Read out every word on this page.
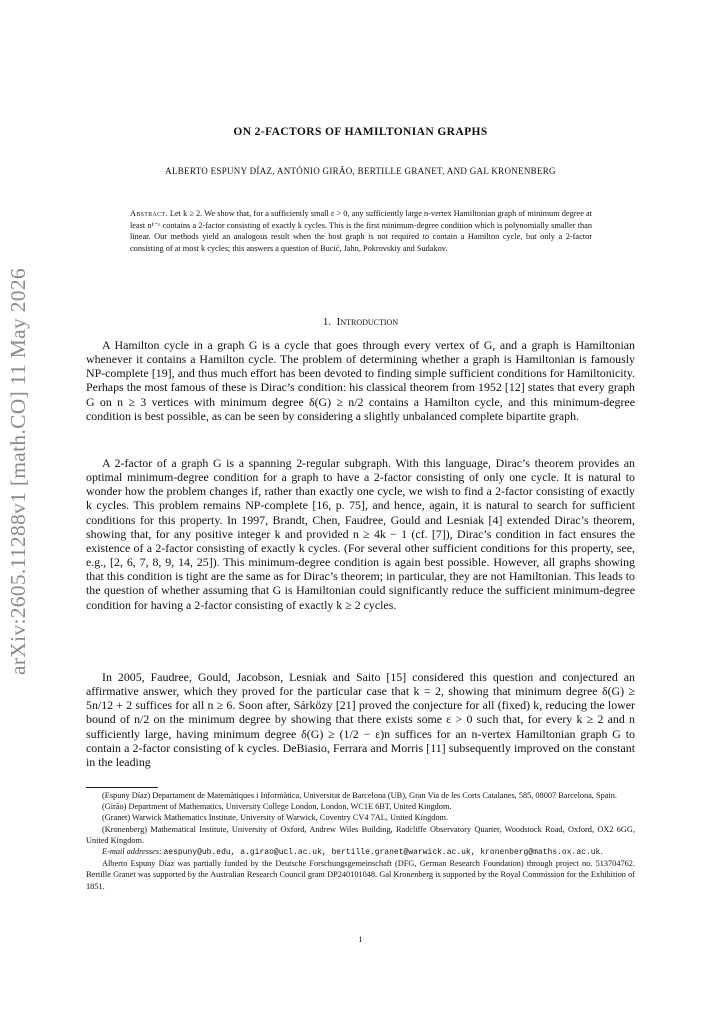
arXiv:2605.11288v1 [math.CO] 11 May 2026
ON 2-FACTORS OF HAMILTONIAN GRAPHS
ALBERTO ESPUNY DÍAZ, ANTÓNIO GIRÃO, BERTILLE GRANET, AND GAL KRONENBERG
Abstract. Let k ≥ 2. We show that, for a sufficiently small ε > 0, any sufficiently large n-vertex Hamiltonian graph of minimum degree at least n¹⁻ᵋ contains a 2-factor consisting of exactly k cycles. This is the first minimum-degree condition which is polynomially smaller than linear. Our methods yield an analogous result when the host graph is not required to contain a Hamilton cycle, but only a 2-factor consisting of at most k cycles; this answers a question of Bucić, Jahn, Pokrovskiy and Sudakov.
1. Introduction
A Hamilton cycle in a graph G is a cycle that goes through every vertex of G, and a graph is Hamiltonian whenever it contains a Hamilton cycle. The problem of determining whether a graph is Hamiltonian is famously NP-complete [19], and thus much effort has been devoted to finding simple sufficient conditions for Hamiltonicity. Perhaps the most famous of these is Dirac’s condition: his classical theorem from 1952 [12] states that every graph G on n ≥ 3 vertices with minimum degree δ(G) ≥ n/2 contains a Hamilton cycle, and this minimum-degree condition is best possible, as can be seen by considering a slightly unbalanced complete bipartite graph.
A 2-factor of a graph G is a spanning 2-regular subgraph. With this language, Dirac’s theorem provides an optimal minimum-degree condition for a graph to have a 2-factor consisting of only one cycle. It is natural to wonder how the problem changes if, rather than exactly one cycle, we wish to find a 2-factor consisting of exactly k cycles. This problem remains NP-complete [16, p. 75], and hence, again, it is natural to search for sufficient conditions for this property. In 1997, Brandt, Chen, Faudree, Gould and Lesniak [4] extended Dirac’s theorem, showing that, for any positive integer k and provided n ≥ 4k − 1 (cf. [7]), Dirac’s condition in fact ensures the existence of a 2-factor consisting of exactly k cycles. (For several other sufficient conditions for this property, see, e.g., [2, 6, 7, 8, 9, 14, 25]). This minimum-degree condition is again best possible. However, all graphs showing that this condition is tight are the same as for Dirac’s theorem; in particular, they are not Hamiltonian. This leads to the question of whether assuming that G is Hamiltonian could significantly reduce the sufficient minimum-degree condition for having a 2-factor consisting of exactly k ≥ 2 cycles.
In 2005, Faudree, Gould, Jacobson, Lesniak and Saito [15] considered this question and conjectured an affirmative answer, which they proved for the particular case that k = 2, showing that minimum degree δ(G) ≥ 5n/12 + 2 suffices for all n ≥ 6. Soon after, Sárközy [21] proved the conjecture for all (fixed) k, reducing the lower bound of n/2 on the minimum degree by showing that there exists some ε > 0 such that, for every k ≥ 2 and n sufficiently large, having minimum degree δ(G) ≥ (1/2 − ε)n suffices for an n-vertex Hamiltonian graph G to contain a 2-factor consisting of k cycles. DeBiasio, Ferrara and Morris [11] subsequently improved on the constant in the leading

(Espuny Díaz) Departament de Matemàtiques i Informàtica, Universitat de Barcelona (UB), Gran Via de les Corts Catalanes, 585, 08007 Barcelona, Spain.

(Girão) Department of Mathematics, University College London, London, WC1E 6BT, United Kingdom.

(Granet) Warwick Mathematics Institute, University of Warwick, Coventry CV4 7AL, United Kingdom.

(Kronenberg) Mathematical Institute, University of Oxford, Andrew Wiles Building, Radcliffe Observatory Quarter, Woodstock Road, Oxford, OX2 6GG, United Kingdom.

E-mail addresses: aespuny@ub.edu, a.girao@ucl.ac.uk, bertille.granet@warwick.ac.uk, kronenberg@maths.ox.ac.uk.

Alberto Espuny Díaz was partially funded by the Deutsche Forschungsgemeinschaft (DFG, German Research Foundation) through project no. 513704762. Bertille Granet was supported by the Australian Research Council grant DP240101048. Gal Kronenberg is supported by the Royal Commission for the Exhibition of 1851.

1
